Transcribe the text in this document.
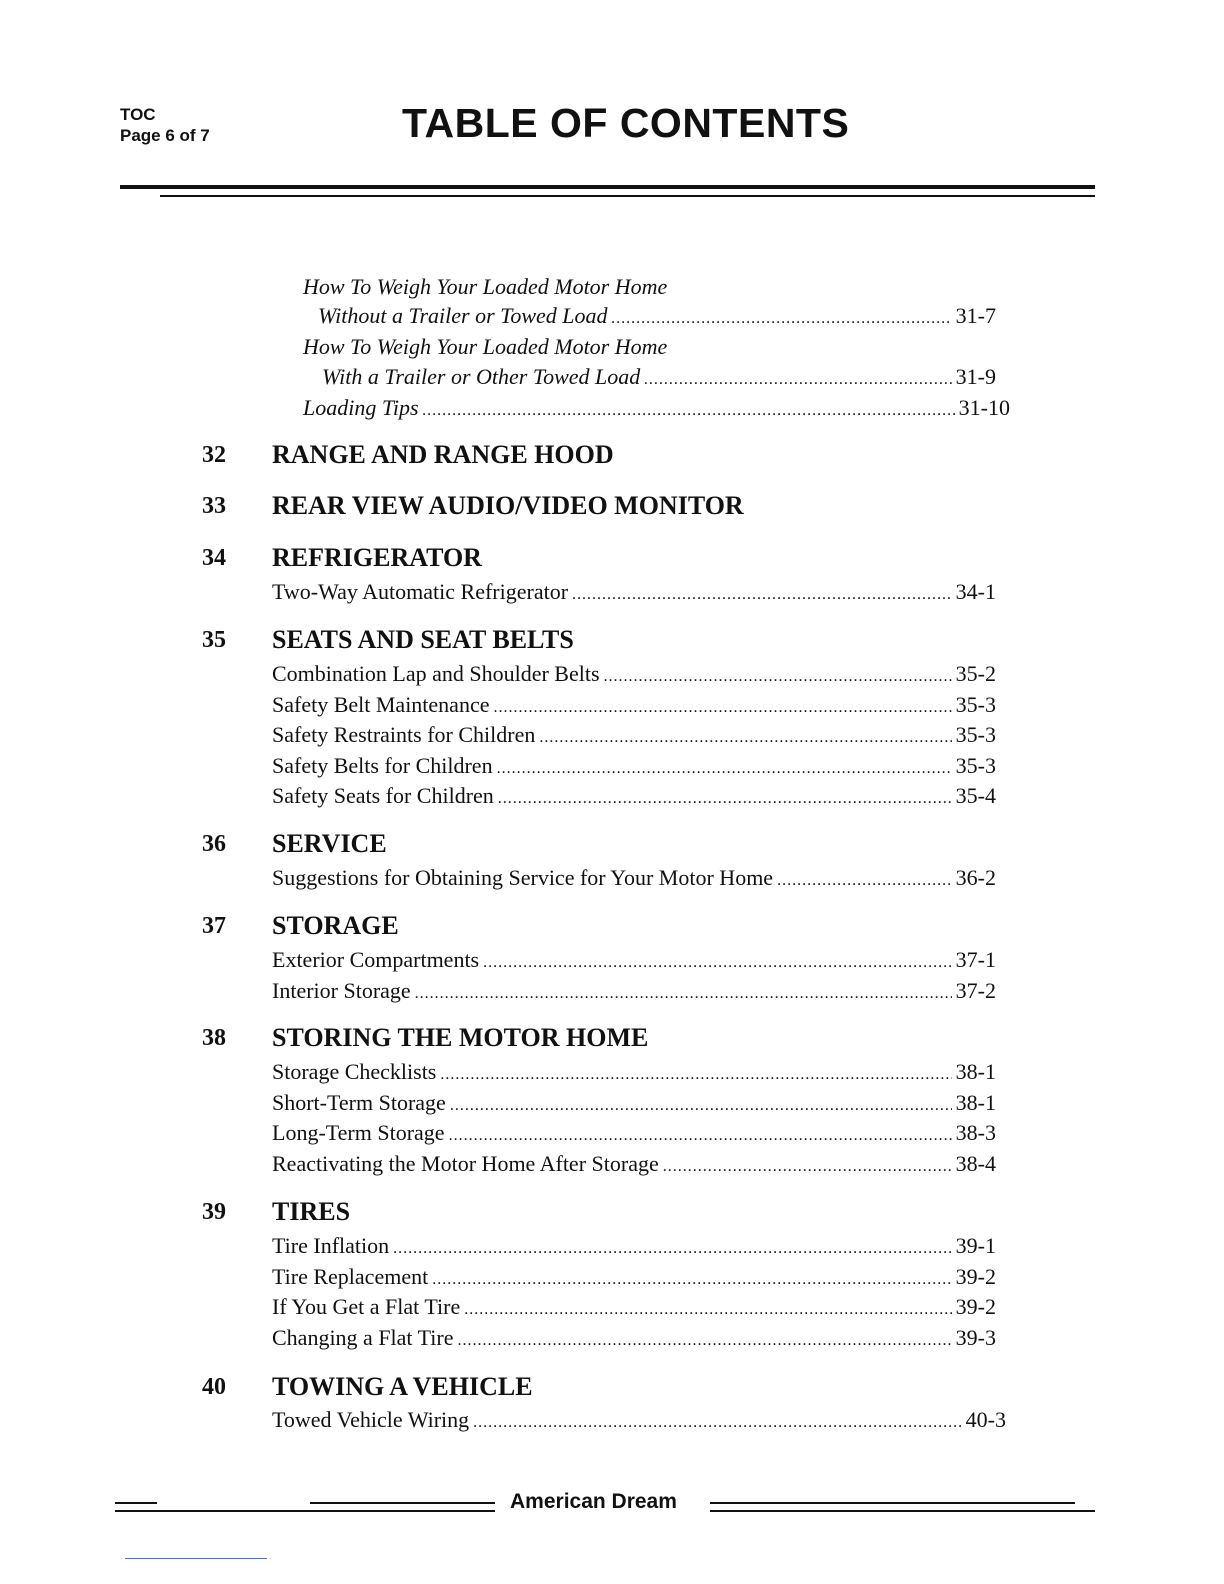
TOC
Page 6 of 7	TABLE OF CONTENTS
How To Weigh Your Loaded Motor Home
Without a Trailer or Towed Load .....	31-7
How To Weigh Your Loaded Motor Home
With a Trailer or Other Towed Load .....	31-9
Loading Tips .....	31-10
32 RANGE AND RANGE HOOD
33 REAR VIEW AUDIO/VIDEO MONITOR
34 REFRIGERATOR
Two-Way Automatic Refrigerator .....	34-1
35 SEATS AND SEAT BELTS
Combination Lap and Shoulder Belts .....	35-2
Safety Belt Maintenance .....	35-3
Safety Restraints for Children .....	35-3
Safety Belts for Children .....	35-3
Safety Seats for Children .....	35-4
36 SERVICE
Suggestions for Obtaining Service for Your Motor Home .....	36-2
37 STORAGE
Exterior Compartments .....	37-1
Interior Storage .....	37-2
38 STORING THE MOTOR HOME
Storage Checklists .....	38-1
Short-Term Storage .....	38-1
Long-Term Storage .....	38-3
Reactivating the Motor Home After Storage .....	38-4
39 TIRES
Tire Inflation .....	39-1
Tire Replacement .....	39-2
If You Get a Flat Tire .....	39-2
Changing a Flat Tire .....	39-3
40 TOWING A VEHICLE
Towed Vehicle Wiring .....	40-3
American Dream
